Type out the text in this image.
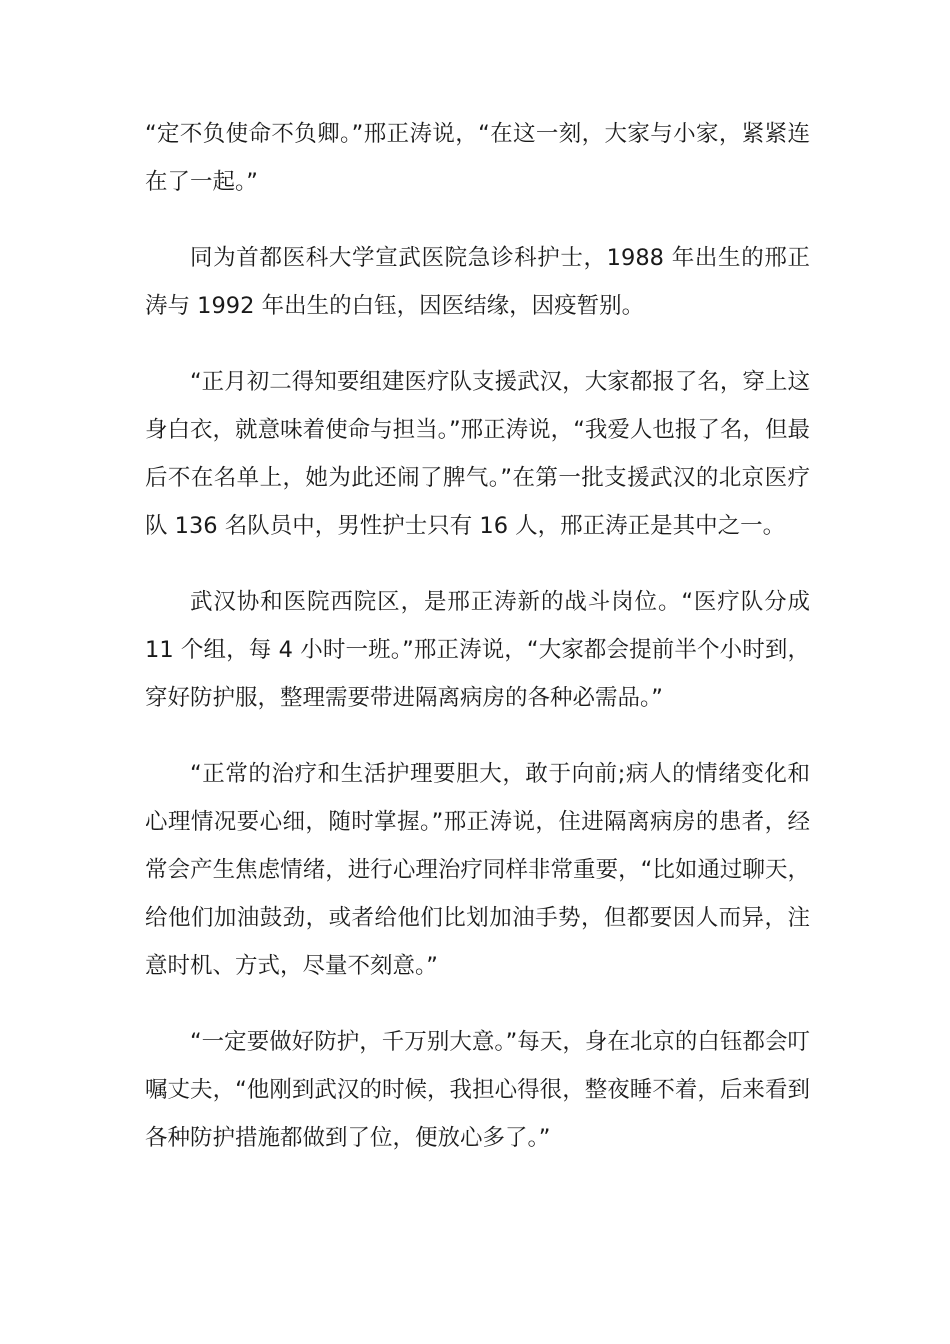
“定不负使命不负卿。”邢正涛说，“在这一刻，大家与小家，紧紧连在了一起。”

同为首都医科大学宣武医院急诊科护士，1988 年出生的邢正涛与 1992 年出生的白钰，因医结缘，因疫暂别。

“正月初二得知要组建医疗队支援武汉，大家都报了名，穿上这身白衣，就意味着使命与担当。”邢正涛说，“我爱人也报了名，但最后不在名单上，她为此还闹了脾气。”在第一批支援武汉的北京医疗队 136 名队员中，男性护士只有 16 人，邢正涛正是其中之一。

武汉协和医院西院区，是邢正涛新的战斗岗位。“医疗队分成 11 个组，每 4 小时一班。”邢正涛说，“大家都会提前半个小时到，穿好防护服，整理需要带进隔离病房的各种必需品。”

“正常的治疗和生活护理要胆大，敢于向前;病人的情绪变化和心理情况要心细，随时掌握。”邢正涛说，住进隔离病房的患者，经常会产生焦虑情绪，进行心理治疗同样非常重要，“比如通过聊天，给他们加油鼓劲，或者给他们比划加油手势，但都要因人而异，注意时机、方式，尽量不刻意。”

“一定要做好防护，千万别大意。”每天，身在北京的白钰都会叮嘱丈夫，“他刚到武汉的时候，我担心得很，整夜睡不着，后来看到各种防护措施都做到了位，便放心多了。”
